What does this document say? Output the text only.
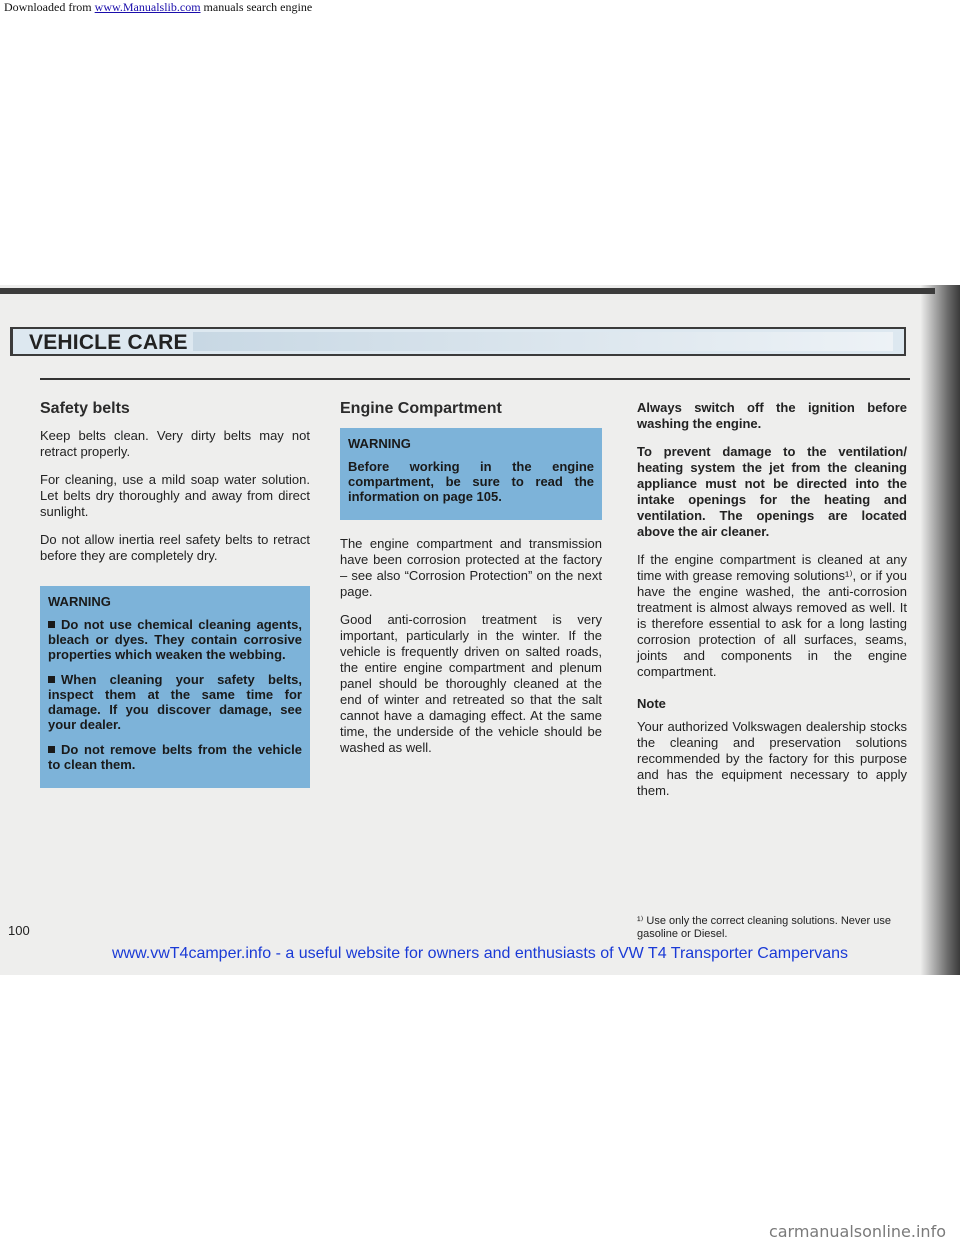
Downloaded from www.Manualslib.com manuals search engine
VEHICLE CARE
Safety belts

Keep belts clean. Very dirty belts may not retract properly.

For cleaning, use a mild soap water solution. Let belts dry thoroughly and away from direct sunlight.

Do not allow inertia reel safety belts to retract before they are completely dry.

WARNING

Do not use chemical cleaning agents, bleach or dyes. They contain corrosive properties which weaken the webbing.

When cleaning your safety belts, inspect them at the same time for damage. If you discover damage, see your dealer.

Do not remove belts from the vehicle to clean them.

Engine Compartment
WARNING

Before working in the engine compartment, be sure to read the information on page 105.

The engine compartment and transmission have been corrosion protected at the factory – see also “Corrosion Protection” on the next page.

Good anti-corrosion treatment is very important, particularly in the winter. If the vehicle is frequently driven on salted roads, the entire engine compartment and plenum panel should be thoroughly cleaned at the end of winter and retreated so that the salt cannot have a damaging effect. At the same time, the underside of the vehicle should be washed as well.

Always switch off the ignition before washing the engine.

To prevent damage to the ventilation/ heating system the jet from the cleaning appliance must not be directed into the intake openings for the heating and ventilation. The openings are located above the air cleaner.

If the engine compartment is cleaned at any time with grease removing solutions¹⁾, or if you have the engine washed, the anti-corrosion treatment is almost always removed as well. It is therefore essential to ask for a long lasting corrosion protection of all surfaces, seams, joints and components in the engine compartment.

Note

Your authorized Volkswagen dealership stocks the cleaning and preservation solutions recommended by the factory for this purpose and has the equipment necessary to apply them.

100
¹⁾ Use only the correct cleaning solutions. Never use gasoline or Diesel.
www.vwT4camper.info - a useful website for owners and enthusiasts of VW T4 Transporter Campervans
carmanualsonline.info
